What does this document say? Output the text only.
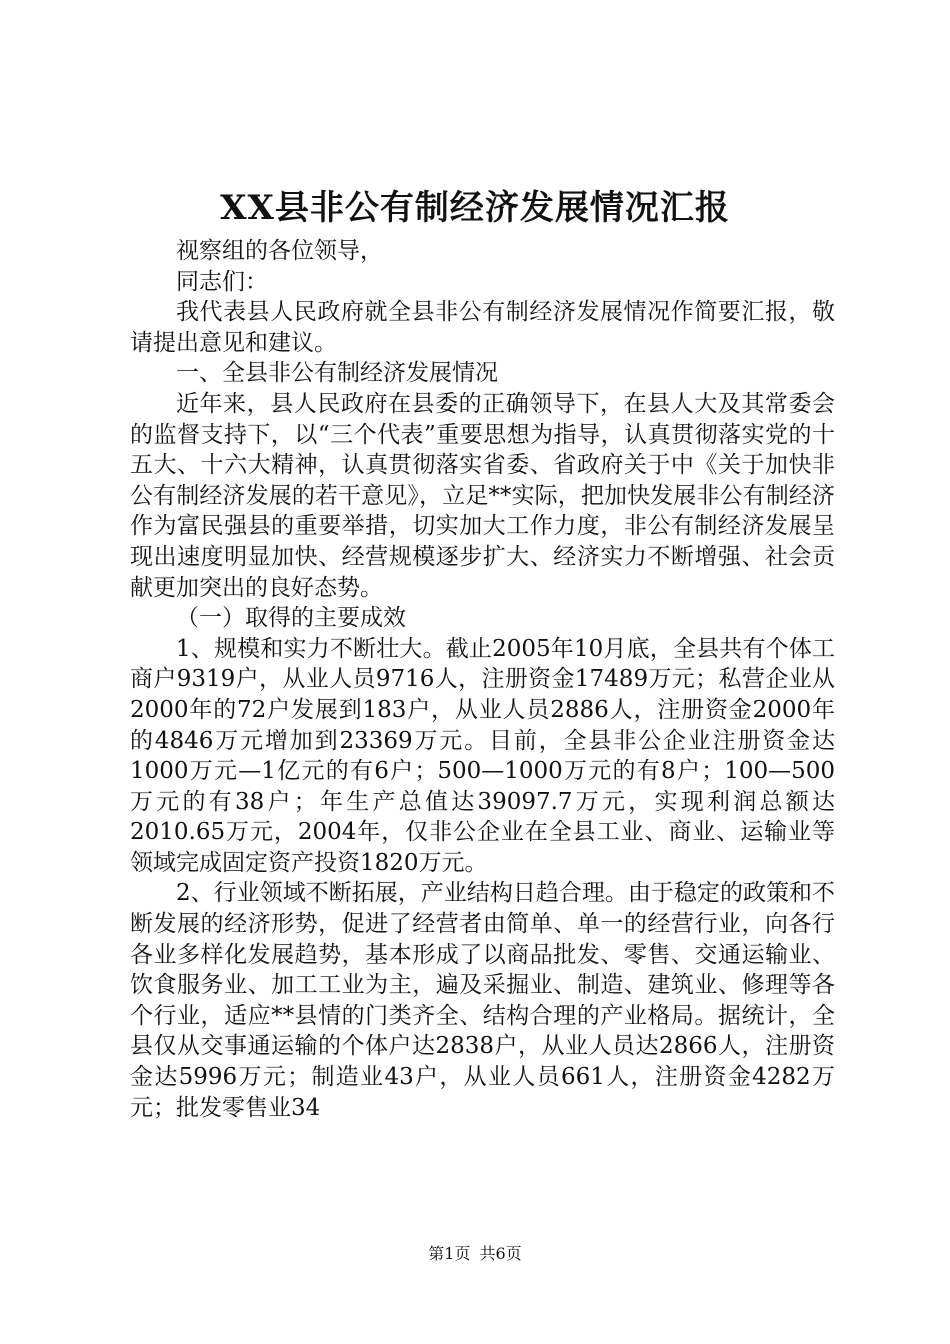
XX县非公有制经济发展情况汇报

视察组的各位领导，

同志们：

我代表县人民政府就全县非公有制经济发展情况作简要汇报，敬请提出意见和建议。

一、全县非公有制经济发展情况

近年来，县人民政府在县委的正确领导下，在县人大及其常委会的监督支持下，以“三个代表”重要思想为指导，认真贯彻落实党的十五大、十六大精神，认真贯彻落实省委、省政府关于中《关于加快非公有制经济发展的若干意见》，立足**实际，把加快发展非公有制经济作为富民强县的重要举措，切实加大工作力度，非公有制经济发展呈现出速度明显加快、经营规模逐步扩大、经济实力不断增强、社会贡献更加突出的良好态势。

（一）取得的主要成效

1、规模和实力不断壮大。截止2005年10月底，全县共有个体工商户9319户，从业人员9716人，注册资金17489万元；私营企业从2000年的72户发展到183户，从业人员2886人，注册资金2000年的4846万元增加到23369万元。目前，全县非公企业注册资金达1000万元—1亿元的有6户；500—1000万元的有8户；100—500万元的有38户；年生产总值达39097.7万元，实现利润总额达2010.65万元，2004年，仅非公企业在全县工业、商业、运输业等领域完成固定资产投资1820万元。

2、行业领域不断拓展，产业结构日趋合理。由于稳定的政策和不断发展的经济形势，促进了经营者由简单、单一的经营行业，向各行各业多样化发展趋势，基本形成了以商品批发、零售、交通运输业、饮食服务业、加工工业为主，遍及采掘业、制造、建筑业、修理等各个行业，适应**县情的门类齐全、结构合理的产业格局。据统计，全县仅从交事通运输的个体户达2838户，从业人员达2866人，注册资金达5996万元；制造业43户，从业人员661人，注册资金4282万元；批发零售业34

第1页 共6页
